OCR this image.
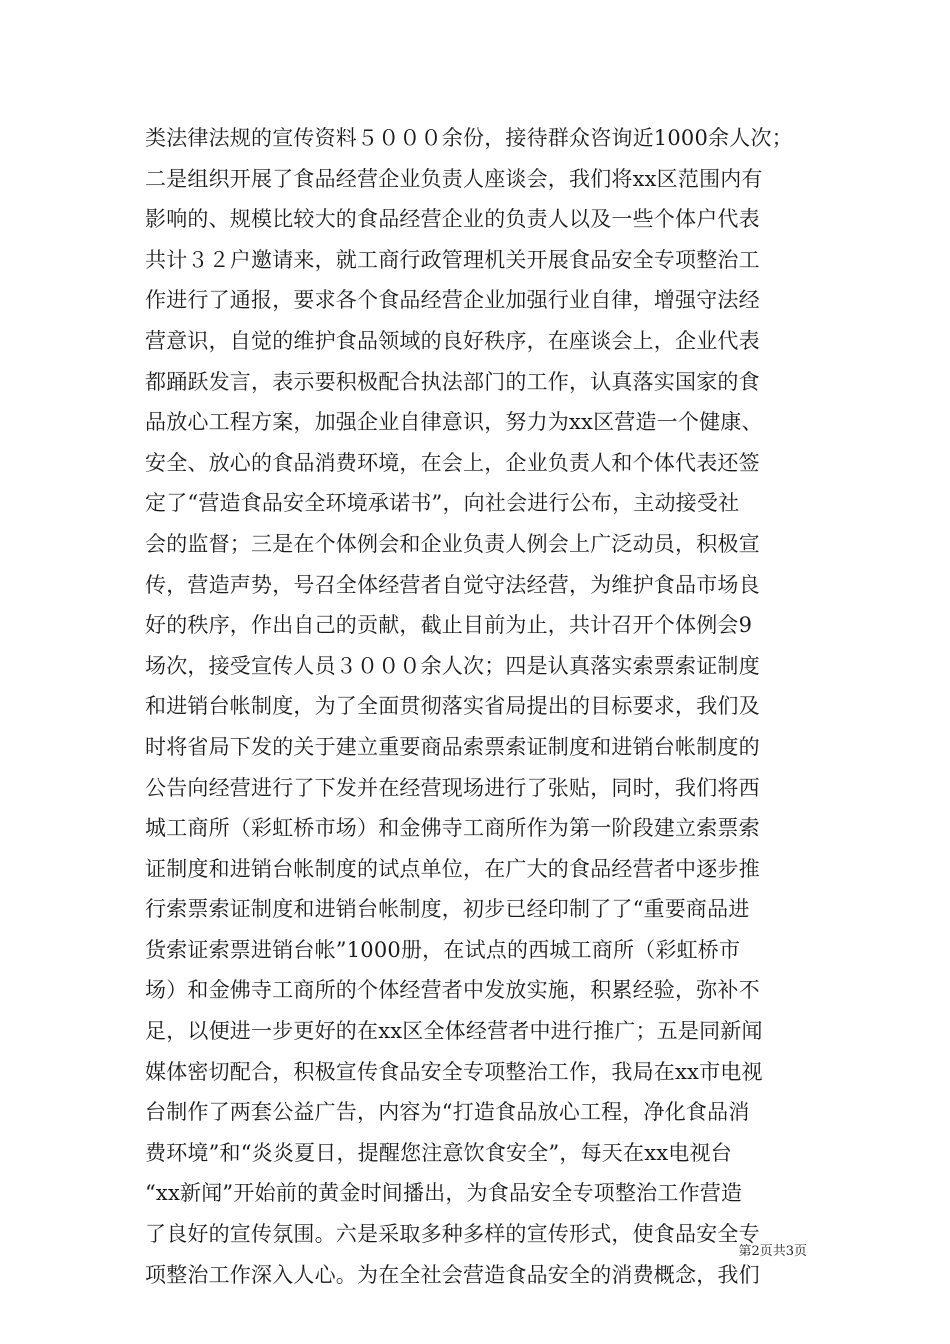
类法律法规的宣传资料５０００余份，接待群众咨询近1000余人次；
二是组织开展了食品经营企业负责人座谈会，我们将xx区范围内有
影响的、规模比较大的食品经营企业的负责人以及一些个体户代表
共计３２户邀请来，就工商行政管理机关开展食品安全专项整治工
作进行了通报，要求各个食品经营企业加强行业自律，增强守法经
营意识，自觉的维护食品领域的良好秩序，在座谈会上，企业代表
都踊跃发言，表示要积极配合执法部门的工作，认真落实国家的食
品放心工程方案，加强企业自律意识，努力为xx区营造一个健康、
安全、放心的食品消费环境，在会上，企业负责人和个体代表还签
定了“营造食品安全环境承诺书”，向社会进行公布，主动接受社
会的监督；三是在个体例会和企业负责人例会上广泛动员，积极宣
传，营造声势，号召全体经营者自觉守法经营，为维护食品市场良
好的秩序，作出自己的贡献，截止目前为止，共计召开个体例会9
场次，接受宣传人员３０００余人次；四是认真落实索票索证制度
和进销台帐制度，为了全面贯彻落实省局提出的目标要求，我们及
时将省局下发的关于建立重要商品索票索证制度和进销台帐制度的
公告向经营进行了下发并在经营现场进行了张贴，同时，我们将西
城工商所（彩虹桥市场）和金佛寺工商所作为第一阶段建立索票索
证制度和进销台帐制度的试点单位，在广大的食品经营者中逐步推
行索票索证制度和进销台帐制度，初步已经印制了了“重要商品进
货索证索票进销台帐”1000册，在试点的西城工商所（彩虹桥市
场）和金佛寺工商所的个体经营者中发放实施，积累经验，弥补不
足，以便进一步更好的在xx区全体经营者中进行推广；五是同新闻
媒体密切配合，积极宣传食品安全专项整治工作，我局在xx市电视
台制作了两套公益广告，内容为“打造食品放心工程，净化食品消
费环境”和“炎炎夏日，提醒您注意饮食安全”，每天在xx电视台
“xx新闻”开始前的黄金时间播出，为食品安全专项整治工作营造
了良好的宣传氛围。六是采取多种多样的宣传形式，使食品安全专
项整治工作深入人心。为在全社会营造食品安全的消费概念，我们
第2页共3页
